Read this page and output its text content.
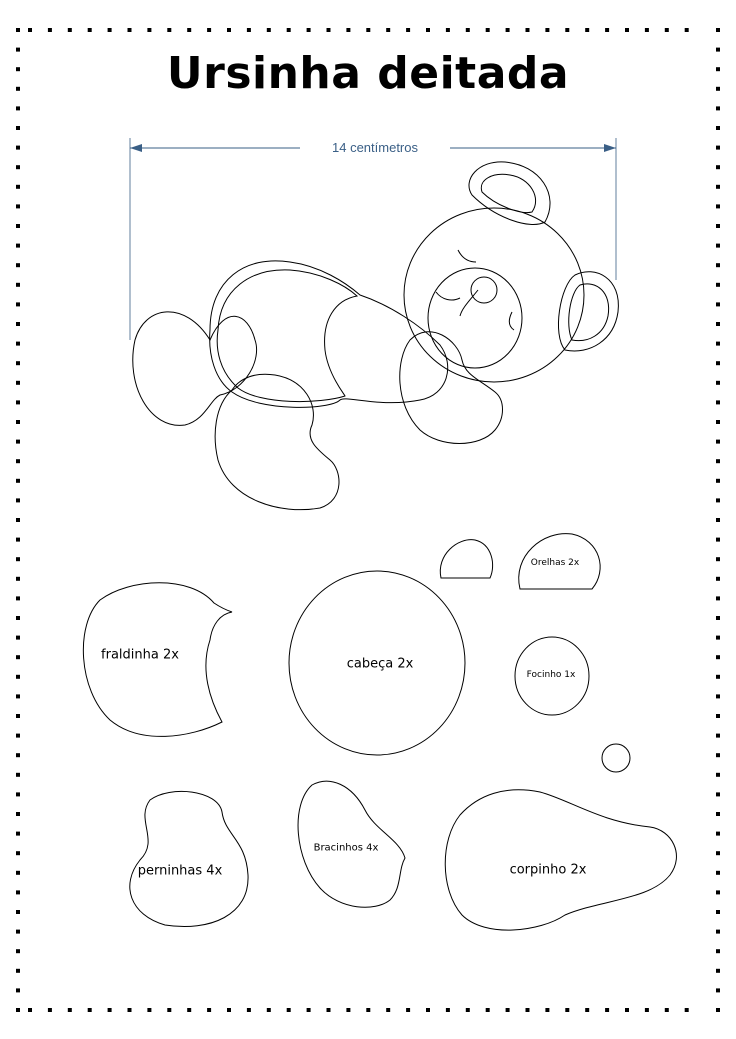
Ursinha deitada
14 centímetros
fraldinha 2x
cabeça 2x
Orelhas 2x
Focinho 1x
perninhas 4x
Bracinhos 4x
corpinho 2x
